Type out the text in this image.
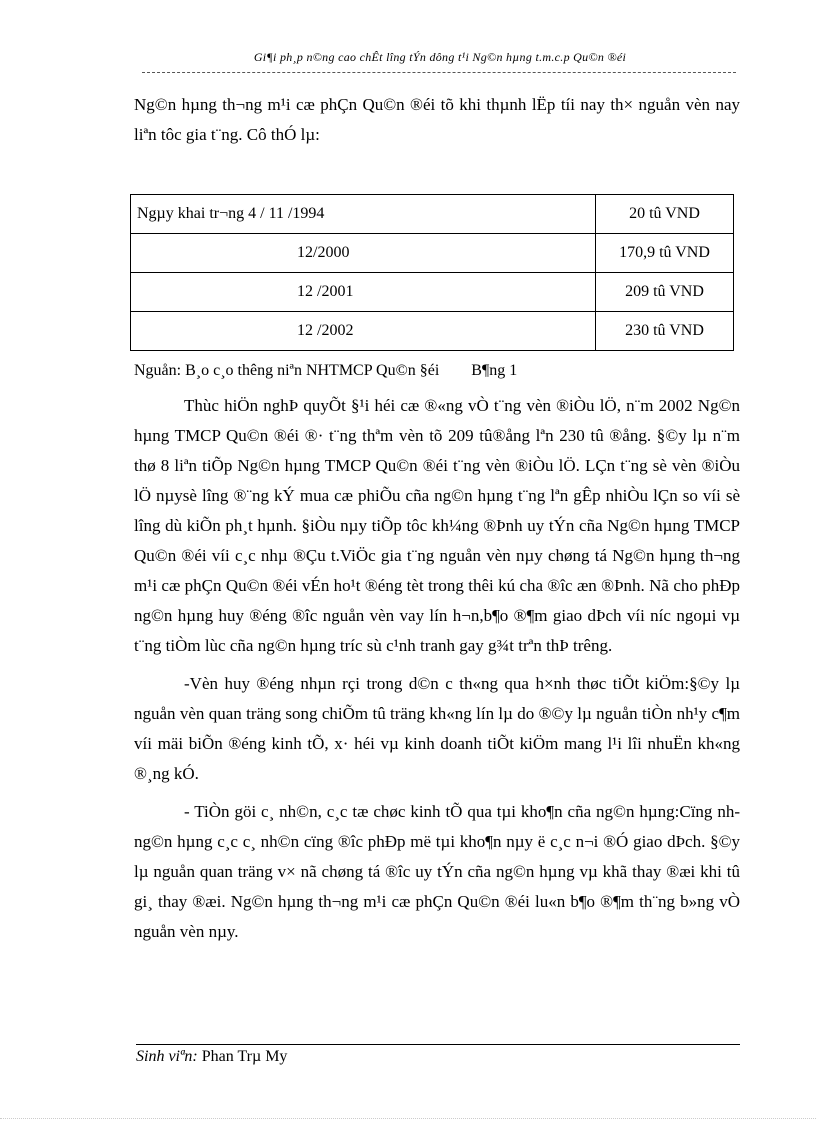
Gi¶i ph¸p n©ng cao chÊt lîng tÝn dông t¹i Ng©n hµng t.m.c.p Qu©n ®éi

Ng©n hµng th¬ng m¹i cæ phÇn Qu©n ®éi tõ khi thµnh lËp tíi nay th× nguån vèn nay liªn tôc gia t¨ng. Cô thÓ lµ:

Ngµy khai tr¬ng 4 / 11 /1994	20 tû VND
12/2000	170,9 tû VND
12 /2001	209 tû VND
12 /2002	230 tû VND
Nguån: B¸o c¸o thêng niªn NHTMCP Qu©n §éi B¶ng 1

Thùc hiÖn nghÞ quyÕt §¹i héi cæ ®«ng vÒ t¨ng vèn ®iÒu lÖ, n¨m 2002 Ng©n hµng TMCP Qu©n ®éi ®· t¨ng thªm vèn tõ 209 tû®ång lªn 230 tû ®ång. §©y lµ n¨m thø 8 liªn tiÕp Ng©n hµng TMCP Qu©n ®éi t¨ng vèn ®iÒu lÖ. LÇn t¨ng sè vèn ®iÒu lÖ nµysè lîng ®¨ng kÝ mua cæ phiÕu cña ng©n hµng t¨ng lªn gÊp nhiÒu lÇn so víi sè lîng dù kiÕn ph¸t hµnh. §iÒu nµy tiÕp tôc kh¼ng ®Þnh uy tÝn cña Ng©n hµng TMCP Qu©n ®éi víi c¸c nhµ ®Çu t.ViÖc gia t¨ng nguån vèn nµy chøng tá Ng©n hµng th¬ng m¹i cæ phÇn Qu©n ®éi vÉn ho¹t ®éng tèt trong thêi kú cha ®îc æn ®Þnh. Nã cho phÐp ng©n hµng huy ®éng ®îc nguån vèn vay lín h¬n,b¶o ®¶m giao dÞch víi níc ngoµi vµ t¨ng tiÒm lùc cña ng©n hµng tríc sù c¹nh tranh gay g¾t trªn thÞ trêng.

-Vèn huy ®éng nhµn rçi trong d©n c th«ng qua h×nh thøc tiÕt kiÖm:§©y lµ nguån vèn quan träng song chiÕm tû träng kh«ng lín lµ do ®©y lµ nguån tiÒn nh¹y c¶m víi mäi biÕn ®éng kinh tÕ, x· héi vµ kinh doanh tiÕt kiÖm mang l¹i lîi nhuËn kh«ng ®¸ng kÓ.

- TiÒn göi c¸ nh©n, c¸c tæ chøc kinh tÕ qua tµi kho¶n cña ng©n hµng:Cïng nh ng©n hµng c¸c c¸ nh©n cïng ®îc phÐp më tµi kho¶n nµy ë c¸c n¬i ®Ó giao dÞch. §©y lµ nguån quan träng v× nã chøng tá ®îc uy tÝn cña ng©n hµng vµ khã thay ®æi khi tû gi¸ thay ®æi. Ng©n hµng th¬ng m¹i cæ phÇn Qu©n ®éi lu«n b¶o ®¶m th¨ng b»ng vÒ nguån vèn nµy.

Sinh viªn: Phan Trµ My
